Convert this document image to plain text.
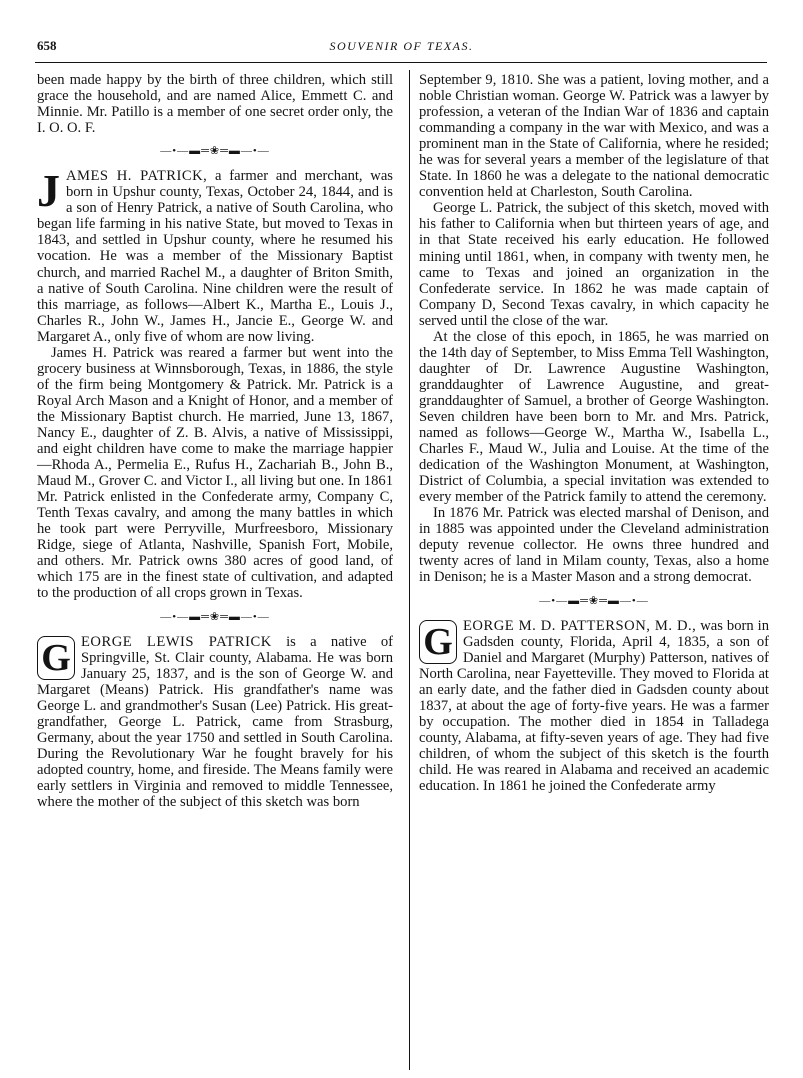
658	SOUVENIR OF TEXAS.

been made happy by the birth of three children, which still grace the household, and are named Alice, Emmett C. and Minnie. Mr. Patillo is a member of one secret order only, the I. O. O. F.

—•—▬═❀═▬—•—

JAMES H. PATRICK, a farmer and merchant, was born in Upshur county, Texas, October 24, 1844, and is a son of Henry Patrick, a native of South Carolina, who began life farming in his native State, but moved to Texas in 1843, and settled in Upshur county, where he resumed his vocation. He was a member of the Missionary Baptist church, and married Rachel M., a daughter of Briton Smith, a native of South Carolina. Nine children were the result of this marriage, as follows—Albert K., Martha E., Louis J., Charles R., John W., James H., Jancie E., George W. and Margaret A., only five of whom are now living.

James H. Patrick was reared a farmer but went into the grocery business at Winnsborough, Texas, in 1886, the style of the firm being Montgomery & Patrick. Mr. Patrick is a Royal Arch Mason and a Knight of Honor, and a member of the Missionary Baptist church. He married, June 13, 1867, Nancy E., daughter of Z. B. Alvis, a native of Mississippi, and eight children have come to make the marriage happier—Rhoda A., Permelia E., Rufus H., Zachariah B., John B., Maud M., Grover C. and Victor I., all living but one. In 1861 Mr. Patrick enlisted in the Confederate army, Company C, Tenth Texas cavalry, and among the many battles in which he took part were Perryville, Murfreesboro, Missionary Ridge, siege of Atlanta, Nashville, Spanish Fort, Mobile, and others. Mr. Patrick owns 380 acres of good land, of which 175 are in the finest state of cultivation, and adapted to the production of all crops grown in Texas.

—•—▬═❀═▬—•—

G EORGE LEWIS PATRICK is a native of Springville, St. Clair county, Alabama. He was born January 25, 1837, and is the son of George W. and Margaret (Means) Patrick. His grandfather's name was George L. and grandmother's Susan (Lee) Patrick. His great-grandfather, George L. Patrick, came from Strasburg, Germany, about the year 1750 and settled in South Carolina. During the Revolutionary War he fought bravely for his adopted country, home, and fireside. The Means family were early settlers in Virginia and removed to middle Tennessee, where the mother of the subject of this sketch was born

September 9, 1810. She was a patient, loving mother, and a noble Christian woman. George W. Patrick was a lawyer by profession, a veteran of the Indian War of 1836 and captain commanding a company in the war with Mexico, and was a prominent man in the State of California, where he resided; he was for several years a member of the legislature of that State. In 1860 he was a delegate to the national democratic convention held at Charleston, South Carolina.

George L. Patrick, the subject of this sketch, moved with his father to California when but thirteen years of age, and in that State received his early education. He followed mining until 1861, when, in company with twenty men, he came to Texas and joined an organization in the Confederate service. In 1862 he was made captain of Company D, Second Texas cavalry, in which capacity he served until the close of the war.

At the close of this epoch, in 1865, he was married on the 14th day of September, to Miss Emma Tell Washington, daughter of Dr. Lawrence Augustine Washington, granddaughter of Lawrence Augustine, and great-granddaughter of Samuel, a brother of George Washington. Seven children have been born to Mr. and Mrs. Patrick, named as follows—George W., Martha W., Isabella L., Charles F., Maud W., Julia and Louise. At the time of the dedication of the Washington Monument, at Washington, District of Columbia, a special invitation was extended to every member of the Patrick family to attend the ceremony.

In 1876 Mr. Patrick was elected marshal of Denison, and in 1885 was appointed under the Cleveland administration deputy revenue collector. He owns three hundred and twenty acres of land in Milam county, Texas, also a home in Denison; he is a Master Mason and a strong democrat.

—•—▬═❀═▬—•—

G EORGE M. D. PATTERSON, M. D., was born in Gadsden county, Florida, April 4, 1835, a son of Daniel and Margaret (Murphy) Patterson, natives of North Carolina, near Fayetteville. They moved to Florida at an early date, and the father died in Gadsden county about 1837, at about the age of forty-five years. He was a farmer by occupation. The mother died in 1854 in Talladega county, Alabama, at fifty-seven years of age. They had five children, of whom the subject of this sketch is the fourth child. He was reared in Alabama and received an academic education. In 1861 he joined the Confederate army
